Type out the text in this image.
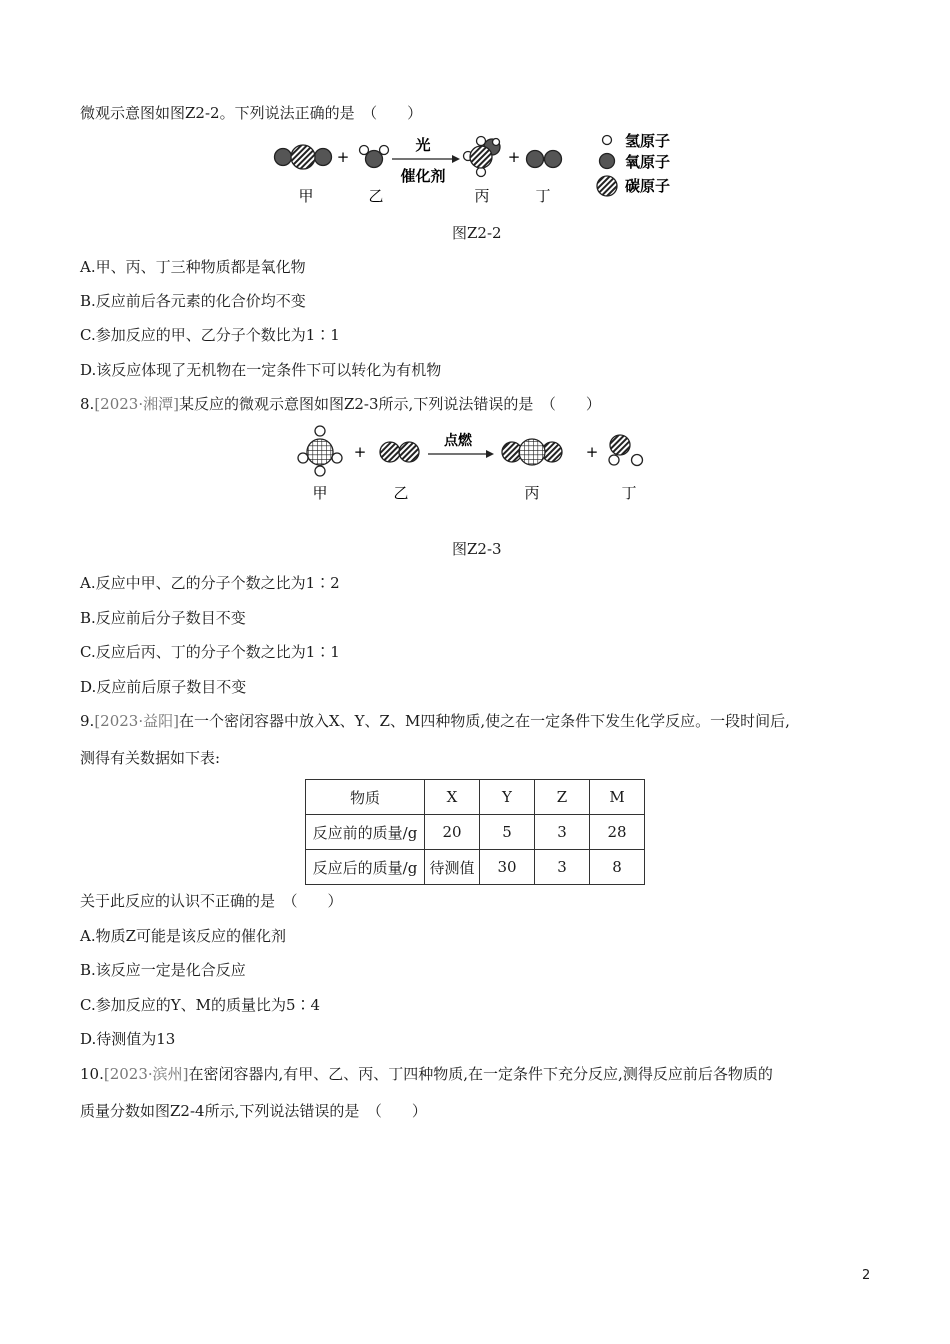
微观示意图如图Z2-2。下列说法正确的是　（　　）
+
光
催化剂
+
甲	乙	丙	丁
氢原子
氧原子
碳原子
图Z2-2
A.甲、丙、丁三种物质都是氧化物
B.反应前后各元素的化合价均不变
C.参加反应的甲、乙分子个数比为1∶1
D.该反应体现了无机物在一定条件下可以转化为有机物
8.[2023·湘潭]某反应的微观示意图如图Z2-3所示,下列说法错误的是　（　　）
+
点燃
+
甲	乙	丙	丁
图Z2-3
A.反应中甲、乙的分子个数之比为1∶2
B.反应前后分子数目不变
C.反应后丙、丁的分子个数之比为1∶1
D.反应前后原子数目不变
9.[2023·益阳]在一个密闭容器中放入X、Y、Z、M四种物质,使之在一定条件下发生化学反应。一段时间后,
测得有关数据如下表:
物质	X	Y	Z	M
反应前的质量/g	20	5	3	28
反应后的质量/g	待测值	30	3	8
关于此反应的认识不正确的是　（　　）
A.物质Z可能是该反应的催化剂
B.该反应一定是化合反应
C.参加反应的Y、M的质量比为5∶4
D.待测值为13
10.[2023·滨州]在密闭容器内,有甲、乙、丙、丁四种物质,在一定条件下充分反应,测得反应前后各物质的
质量分数如图Z2-4所示,下列说法错误的是　（　　）
2
